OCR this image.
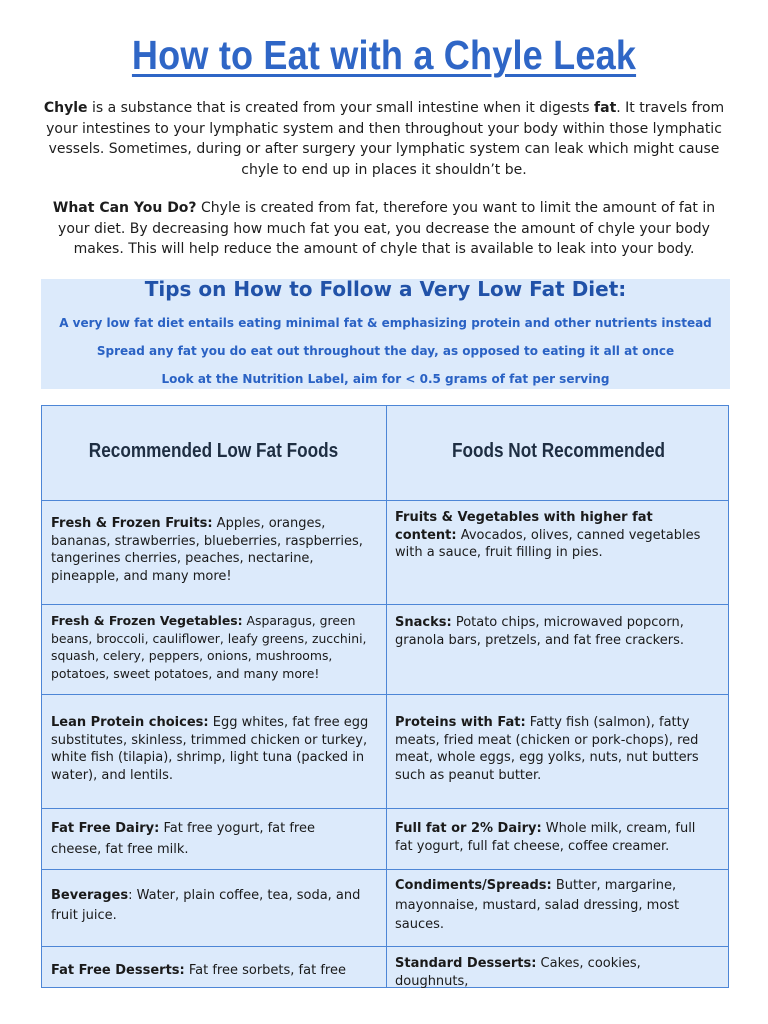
How to Eat with a Chyle Leak
Chyle is a substance that is created from your small intestine when it digests fat. It travels from your intestines to your lymphatic system and then throughout your body within those lymphatic vessels. Sometimes, during or after surgery your lymphatic system can leak which might cause chyle to end up in places it shouldn’t be.
What Can You Do? Chyle is created from fat, therefore you want to limit the amount of fat in your diet. By decreasing how much fat you eat, you decrease the amount of chyle your body makes. This will help reduce the amount of chyle that is available to leak into your body.
Tips on How to Follow a Very Low Fat Diet:
A very low fat diet entails eating minimal fat & emphasizing protein and other nutrients instead
Spread any fat you do eat out throughout the day, as opposed to eating it all at once
Look at the Nutrition Label, aim for < 0.5 grams of fat per serving
Recommended Low Fat Foods	Foods Not Recommended
Fresh & Frozen Fruits: Apples, oranges, bananas, strawberries, blueberries, raspberries, tangerines cherries, peaches, nectarine, pineapple, and many more!
Fruits & Vegetables with higher fat content: Avocados, olives, canned vegetables with a sauce, fruit filling in pies.
Fresh & Frozen Vegetables: Asparagus, green beans, broccoli, cauliflower, leafy greens, zucchini, squash, celery, peppers, onions, mushrooms, potatoes, sweet potatoes, and many more!
Snacks: Potato chips, microwaved popcorn, granola bars, pretzels, and fat free crackers.
Lean Protein choices: Egg whites, fat free egg substitutes, skinless, trimmed chicken or turkey, white fish (tilapia), shrimp, light tuna (packed in water), and lentils.
Proteins with Fat: Fatty fish (salmon), fatty meats, fried meat (chicken or pork-chops), red meat, whole eggs, egg yolks, nuts, nut butters such as peanut butter.
Fat Free Dairy: Fat free yogurt, fat free cheese, fat free milk.
Full fat or 2% Dairy: Whole milk, cream, full fat yogurt, full fat cheese, coffee creamer.
Beverages: Water, plain coffee, tea, soda, and fruit juice.
Condiments/Spreads: Butter, margarine, mayonnaise, mustard, salad dressing, most sauces.
Fat Free Desserts: Fat free sorbets, fat free	Standard Desserts: Cakes, cookies, doughnuts,
